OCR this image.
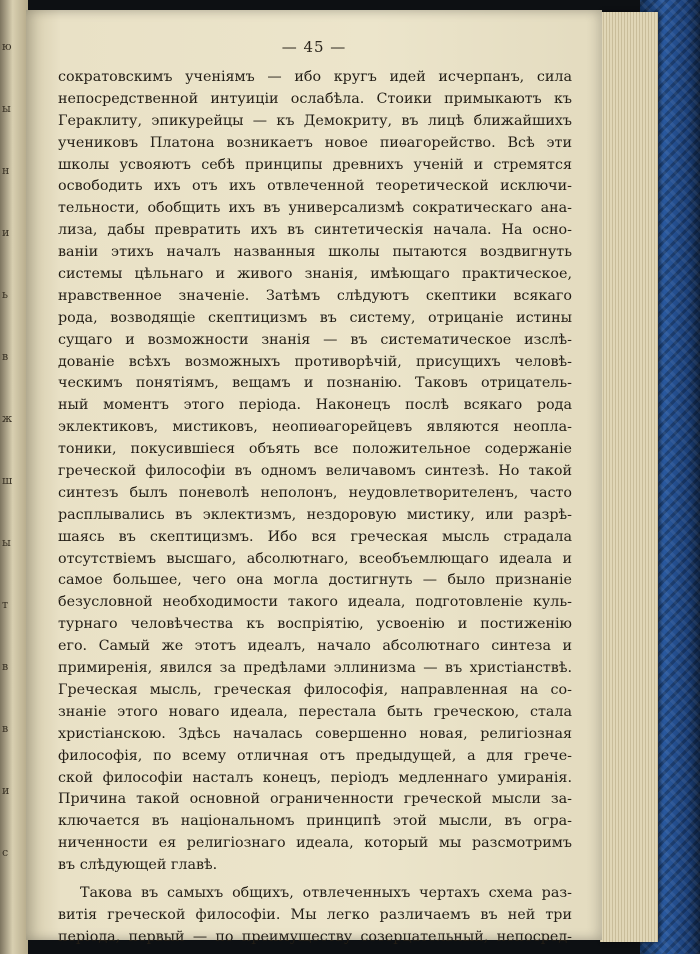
ю
ы
н
и
ь
в
ж
ш
ы
т
в
в
и
с
— 45 —
сократовскимъ ученіямъ — ибо кругъ идей исчерпанъ, сила
непосредственной интуиціи ослабѣла. Стоики примыкаютъ къ
Гераклиту, эпикурейцы — къ Демокриту, въ лицѣ ближайшихъ
учениковъ Платона возникаетъ новое пиѳагорейство. Всѣ эти
школы усвояютъ себѣ принципы древнихъ ученій и стремятся
освободить ихъ отъ ихъ отвлеченной теоретической исключи-
тельности, обобщить ихъ въ универсализмѣ сократическаго ана-
лиза, дабы превратить ихъ въ синтетическія начала. На осно-
ваніи этихъ началъ названныя школы пытаются воздвигнуть
системы цѣльнаго и живого знанія, имѣющаго практическое,
нравственное значеніе. Затѣмъ слѣдуютъ скептики всякаго
рода, возводящіе скептицизмъ въ систему, отрицаніе истины
сущаго и возможности знанія — въ систематическое изслѣ-
дованіе всѣхъ возможныхъ противорѣчій, присущихъ человѣ-
ческимъ понятіямъ, вещамъ и познанію. Таковъ отрицатель-
ный моментъ этого періода. Наконецъ послѣ всякаго рода
эклектиковъ, мистиковъ, неопиѳагорейцевъ являются неопла-
тоники, покусившіеся объять все положительное содержаніе
греческой философіи въ одномъ величавомъ синтезѣ. Но такой
синтезъ былъ поневолѣ неполонъ, неудовлетворителенъ, часто
расплывались въ эклектизмъ, нездоровую мистику, или разрѣ-
шаясь въ скептицизмъ. Ибо вся греческая мысль страдала
отсутствіемъ высшаго, абсолютнаго, всеобъемлющаго идеала и
самое большее, чего она могла достигнуть — было признаніе
безусловной необходимости такого идеала, подготовленіе куль-
турнаго человѣчества къ воспріятію, усвоенію и постиженію
его. Самый же этотъ идеалъ, начало абсолютнаго синтеза и
примиренія, явился за предѣлами эллинизма — въ христіанствѣ.
Греческая мысль, греческая философія, направленная на со-
знаніе этого новаго идеала, перестала быть греческою, стала
христіанскою. Здѣсь началась совершенно новая, религіозная
философія, по всему отличная отъ предыдущей, а для грече-
ской философіи насталъ конецъ, періодъ медленнаго умиранія.
Причина такой основной ограниченности греческой мысли за-
ключается въ національномъ принципѣ этой мысли, въ огра-
ниченности ея религіознаго идеала, который мы разсмотримъ
въ слѣдующей главѣ.
Такова въ самыхъ общихъ, отвлеченныхъ чертахъ схема раз-
витія греческой философіи. Мы легко различаемъ въ ней три
періода, первый — по преимуществу созерцательный, непосред-
